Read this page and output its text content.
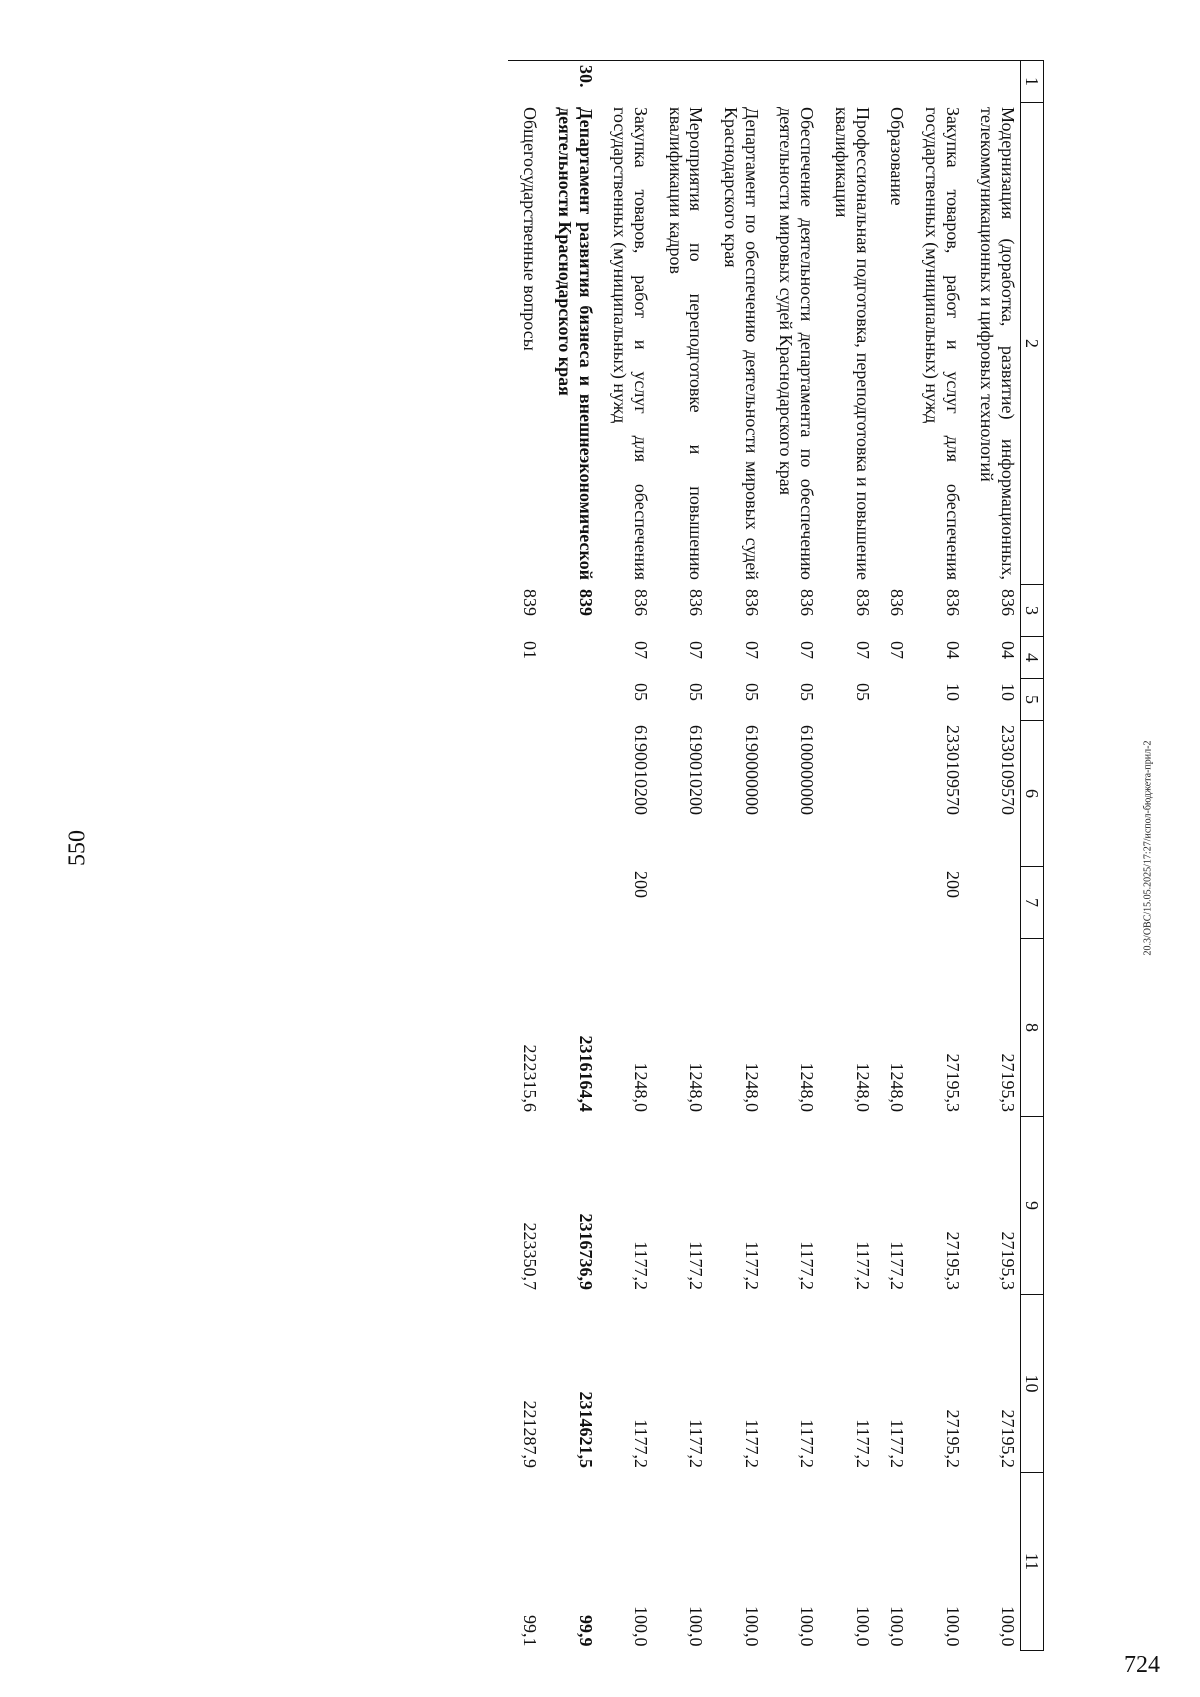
550	20.3/OBC/15.05.2025/17:27/испол-бюджета-прил-2
724
1	2	3	4	5	6	7	8	9	10	11
	Модернизация (доработка, развитие) информационных, телекоммуникационных и цифровых технологий	836	04	10	2330109570		27195,3	27195,3	27195,2	100,0
	Закупка товаров, работ и услуг для обеспечения государственных (муниципальных) нужд	836	04	10	2330109570	200	27195,3	27195,3	27195,2	100,0
	Образование	836	07				1248,0	1177,2	1177,2	100,0
	Профессиональная подготовка, переподготовка и повышение квалификации	836	07	05			1248,0	1177,2	1177,2	100,0
	Обеспечение деятельности департамента по обеспечению деятельности мировых судей Краснодарского края	836	07	05	6100000000		1248,0	1177,2	1177,2	100,0
	Департамент по обеспечению деятельности мировых судей Краснодарского края	836	07	05	6190000000		1248,0	1177,2	1177,2	100,0
	Мероприятия по переподготовке и повышению квалификации кадров	836	07	05	6190010200		1248,0	1177,2	1177,2	100,0
	Закупка товаров, работ и услуг для обеспечения государственных (муниципальных) нужд	836	07	05	6190010200	200	1248,0	1177,2	1177,2	100,0
30.	Департамент развития бизнеса и внешнеэкономической деятельности Краснодарского края	839					2316164,4	2316736,9	2314621,5	99,9
	Общегосударственные вопросы	839	01				222315,6	223350,7	221287,9	99,1
